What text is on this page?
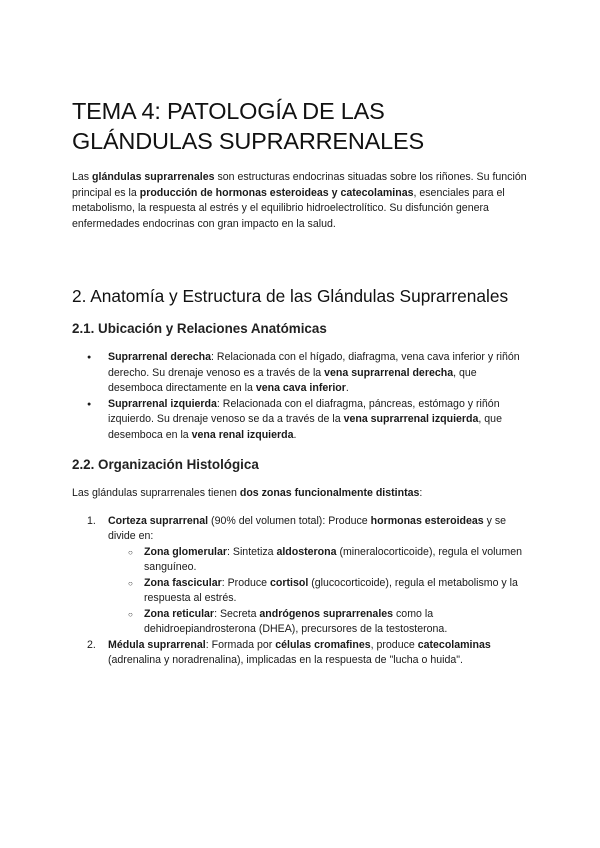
TEMA 4: PATOLOGÍA DE LAS GLÁNDULAS SUPRARRENALES

Las glándulas suprarrenales son estructuras endocrinas situadas sobre los riñones. Su función principal es la producción de hormonas esteroideas y catecolaminas, esenciales para el metabolismo, la respuesta al estrés y el equilibrio hidroelectrolítico. Su disfunción genera enfermedades endocrinas con gran impacto en la salud.

2. Anatomía y Estructura de las Glándulas Suprarrenales
2.1. Ubicación y Relaciones Anatómicas
● Suprarrenal derecha: Relacionada con el hígado, diafragma, vena cava inferior y riñón derecho. Su drenaje venoso es a través de la vena suprarrenal derecha, que desemboca directamente en la vena cava inferior.
● Suprarrenal izquierda: Relacionada con el diafragma, páncreas, estómago y riñón izquierdo. Su drenaje venoso se da a través de la vena suprarrenal izquierda, que desemboca en la vena renal izquierda.
2.2. Organización Histológica

Las glándulas suprarrenales tienen dos zonas funcionalmente distintas:

1. Corteza suprarrenal (90% del volumen total): Produce hormonas esteroideas y se divide en:
○ Zona glomerular: Sintetiza aldosterona (mineralocorticoide), regula el volumen sanguíneo.
○ Zona fascicular: Produce cortisol (glucocorticoide), regula el metabolismo y la respuesta al estrés.
○ Zona reticular: Secreta andrógenos suprarrenales como la dehidroepiandrosterona (DHEA), precursores de la testosterona.
2. Médula suprarrenal: Formada por células cromafines, produce catecolaminas (adrenalina y noradrenalina), implicadas en la respuesta de "lucha o huida".
